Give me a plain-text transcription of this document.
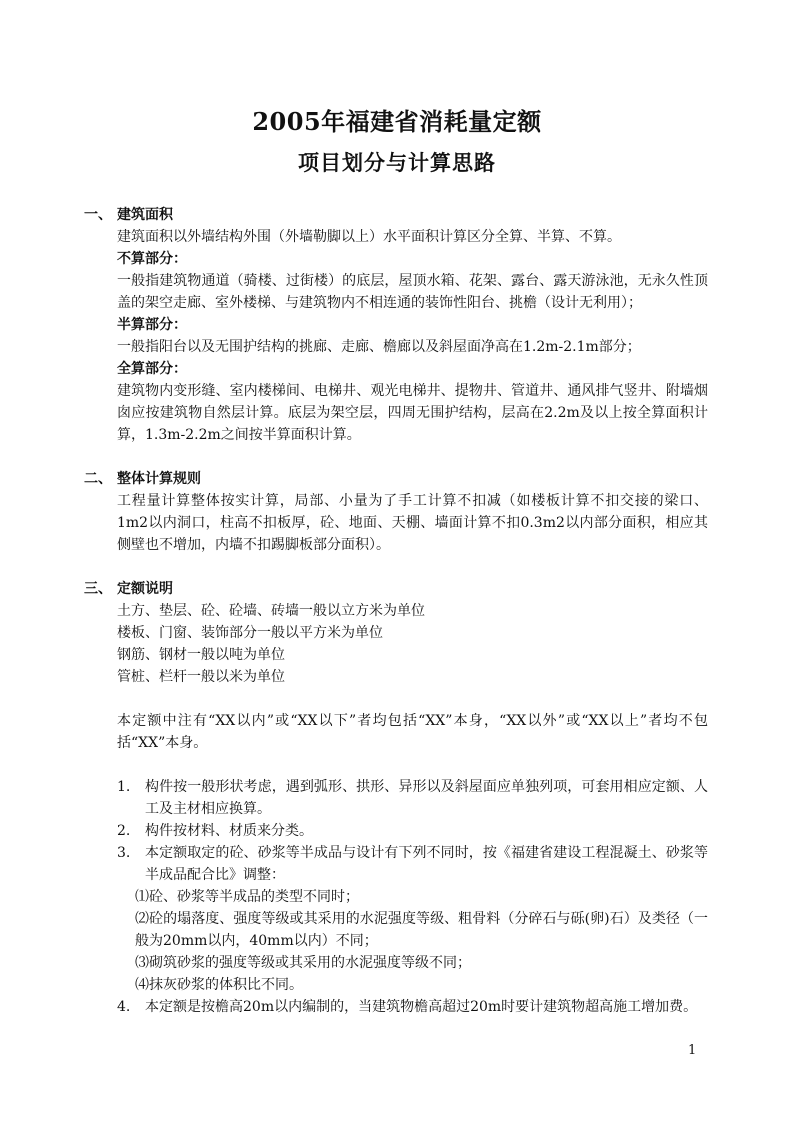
2005年福建省消耗量定额
项目划分与计算思路
一、 建筑面积
建筑面积以外墙结构外围（外墙勒脚以上）水平面积计算区分全算、半算、不算。
不算部分：
一般指建筑物通道（骑楼、过街楼）的底层，屋顶水箱、花架、露台、露天游泳池，无永久性顶盖的架空走廊、室外楼梯、与建筑物内不相连通的装饰性阳台、挑檐（设计无利用）；
半算部分：
一般指阳台以及无围护结构的挑廊、走廊、檐廊以及斜屋面净高在1.2m-2.1m部分；
全算部分：
建筑物内变形缝、室内楼梯间、电梯井、观光电梯井、提物井、管道井、通风排气竖井、附墙烟囱应按建筑物自然层计算。底层为架空层，四周无围护结构，层高在2.2m及以上按全算面积计算，1.3m-2.2m之间按半算面积计算。
二、 整体计算规则
工程量计算整体按实计算，局部、小量为了手工计算不扣减（如楼板计算不扣交接的梁口、1m2以内洞口，柱高不扣板厚，砼、地面、天棚、墙面计算不扣0.3m2以内部分面积，相应其侧壁也不增加，内墙不扣踢脚板部分面积）。
三、 定额说明
土方、垫层、砼、砼墙、砖墙一般以立方米为单位
楼板、门窗、装饰部分一般以平方米为单位
钢筋、钢材一般以吨为单位
管桩、栏杆一般以米为单位
本定额中注有“XX以内”或“XX以下”者均包括“XX”本身，“XX以外”或“XX以上”者均不包括“XX”本身。
1.	构件按一般形状考虑，遇到弧形、拱形、异形以及斜屋面应单独列项，可套用相应定额、人工及主材相应换算。
2.	构件按材料、材质来分类。
3.	本定额取定的砼、砂浆等半成品与设计有下列不同时，按《福建省建设工程混凝土、砂浆等半成品配合比》调整：
⑴砼、砂浆等半成品的类型不同时；
⑵砼的塌落度、强度等级或其采用的水泥强度等级、粗骨料（分碎石与砾(卵)石）及类径（一般为20mm以内，40mm以内）不同；
⑶砌筑砂浆的强度等级或其采用的水泥强度等级不同；
⑷抹灰砂浆的体积比不同。
4.	本定额是按檐高20m以内编制的，当建筑物檐高超过20m时要计建筑物超高施工增加费。
1
